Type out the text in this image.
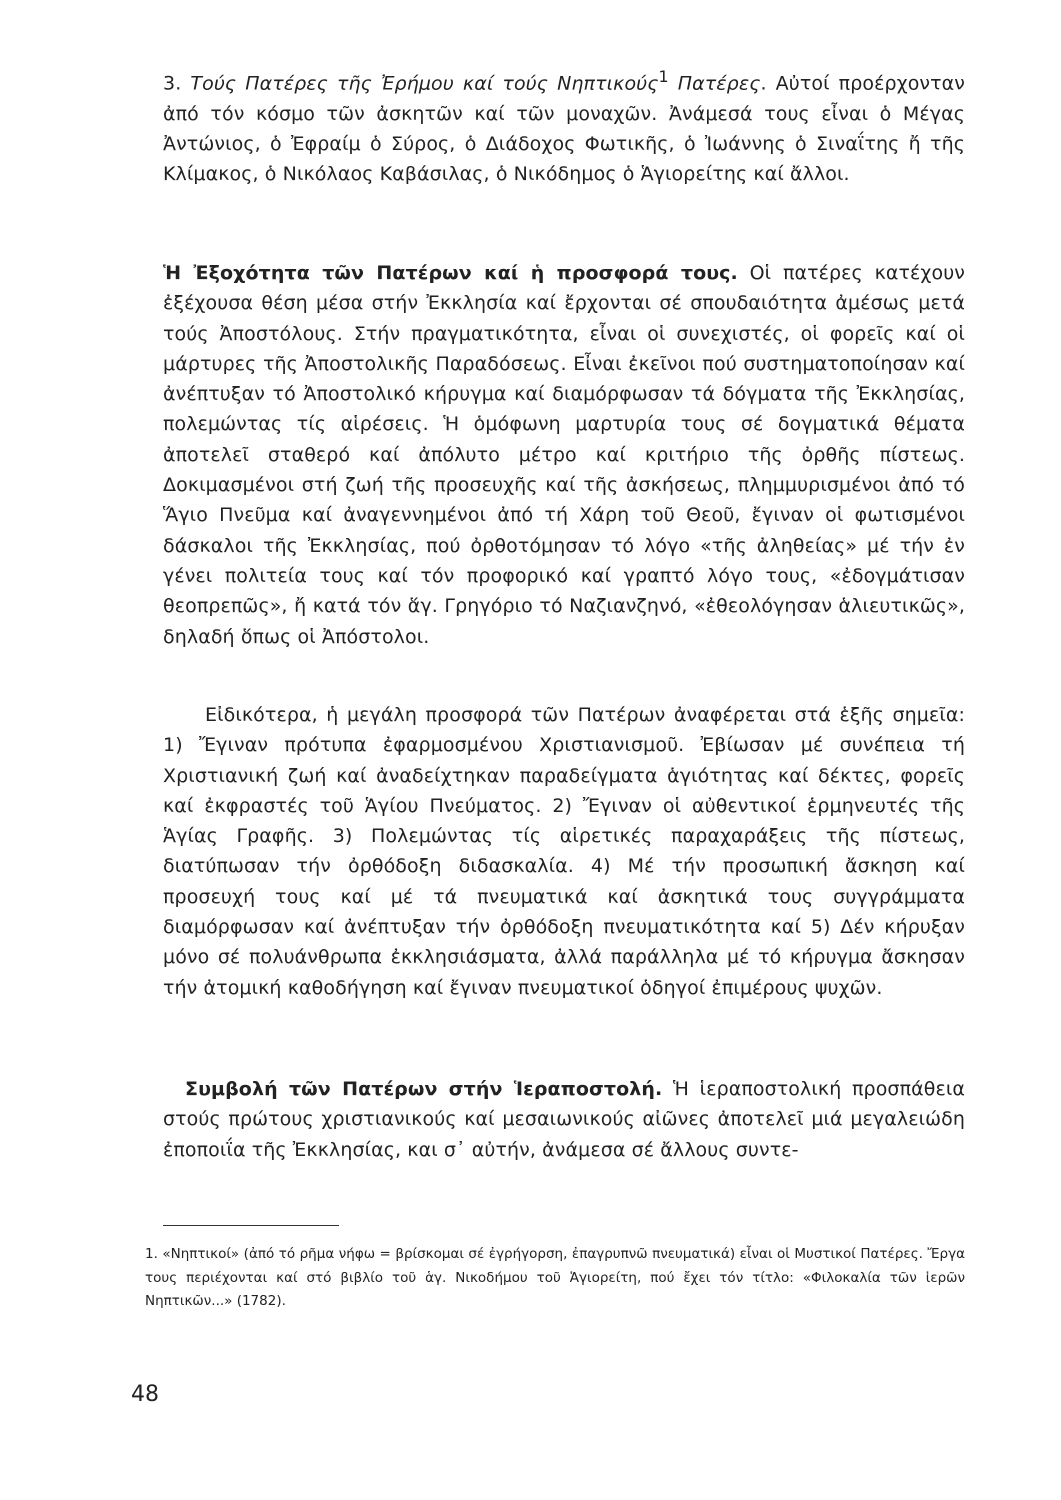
3. Τούς Πατέρες τῆς Ἐρήμου καί τούς Νηπτικούς$^1$ Πατέρες. Αὐτοί προέρχονταν ἀπό τόν κόσμο τῶν ἀσκητῶν καί τῶν μοναχῶν. Ἀνάμεσά τους εἶναι ὁ Μέγας Ἀντώνιος, ὁ Ἐφραίμ ὁ Σύρος, ὁ Διάδοχος Φωτικῆς, ὁ Ἰωάννης ὁ Σιναΐτης ἤ τῆς Κλίμακος, ὁ Νικόλαος Καβάσιλας, ὁ Νικόδημος ὁ Ἁγιορείτης καί ἄλλοι.

Ἡ Ἐξοχότητα τῶν Πατέρων καί ἡ προσφορά τους. Οἱ πατέρες κατέχουν ἐξέχουσα θέση μέσα στήν Ἐκκλησία καί ἔρχονται σέ σπουδαιότητα ἀμέσως μετά τούς Ἀποστόλους. Στήν πραγματικότητα, εἶναι οἱ συνεχιστές, οἱ φορεῖς καί οἱ μάρτυρες τῆς Ἀποστολικῆς Παραδόσεως. Εἶναι ἐκεῖνοι πού συστηματοποίησαν καί ἀνέπτυξαν τό Ἀποστολικό κήρυγμα καί διαμόρφωσαν τά δόγματα τῆς Ἐκκλησίας, πολεμώντας τίς αἱρέσεις. Ἡ ὁμόφωνη μαρτυρία τους σέ δογματικά θέματα ἀποτελεῖ σταθερό καί ἀπόλυτο μέτρο καί κριτήριο τῆς ὀρθῆς πίστεως. Δοκιμασμένοι στή ζωή τῆς προσευχῆς καί τῆς ἀσκήσεως, πλημμυρισμένοι ἀπό τό Ἅγιο Πνεῦμα καί ἀναγεννημένοι ἀπό τή Χάρη τοῦ Θεοῦ, ἔγιναν οἱ φωτισμένοι δάσκαλοι τῆς Ἐκκλησίας, πού ὀρθοτόμησαν τό λόγο «τῆς ἀληθείας» μέ τήν ἐν γένει πολιτεία τους καί τόν προφορικό καί γραπτό λόγο τους, «ἐδογμάτισαν θεοπρεπῶς», ἤ κατά τόν ἅγ. Γρηγόριο τό Ναζιανζηνό, «ἐθεολόγησαν ἁλιευτικῶς», δηλαδή ὅπως οἱ Ἀπόστολοι.

Εἰδικότερα, ἡ μεγάλη προσφορά τῶν Πατέρων ἀναφέρεται στά ἑξῆς σημεῖα: 1) Ἔγιναν πρότυπα ἐφαρμοσμένου Χριστιανισμοῦ. Ἐβίωσαν μέ συνέπεια τή Χριστιανική ζωή καί ἀναδείχτηκαν παραδείγματα ἁγιότητας καί δέκτες, φορεῖς καί ἐκφραστές τοῦ Ἁγίου Πνεύματος. 2) Ἔγιναν οἱ αὐθεντικοί ἑρμηνευτές τῆς Ἁγίας Γραφῆς. 3) Πολεμώντας τίς αἱρετικές παραχαράξεις τῆς πίστεως, διατύπωσαν τήν ὀρθόδοξη διδασκαλία. 4) Μέ τήν προσωπική ἄσκηση καί προσευχή τους καί μέ τά πνευματικά καί ἀσκητικά τους συγγράμματα διαμόρφωσαν καί ἀνέπτυξαν τήν ὀρθόδοξη πνευματικότητα καί 5) Δέν κήρυξαν μόνο σέ πολυάνθρωπα ἐκκλησιάσματα, ἀλλά παράλληλα μέ τό κήρυγμα ἄσκησαν τήν ἀτομική καθοδήγηση καί ἔγιναν πνευματικοί ὁδηγοί ἐπιμέρους ψυχῶν.

Συμβολή τῶν Πατέρων στήν Ἱεραποστολή. Ἡ ἱεραποστολική προσπάθεια στούς πρώτους χριστιανικούς καί μεσαιωνικούς αἰῶνες ἀποτελεῖ μιά μεγαλειώδη ἐποποιΐα τῆς Ἐκκλησίας, και σ᾿ αὐτήν, ἀνάμεσα σέ ἄλλους συντε-

1. «Νηπτικοί» (ἀπό τό ρῆμα νήφω = βρίσκομαι σέ ἐγρήγορση, ἐπαγρυπνῶ πνευματικά) εἶναι οἱ Μυστικοί Πατέρες. Ἔργα τους περιέχονται καί στό βιβλίο τοῦ ἁγ. Νικοδήμου τοῦ Ἁγιορείτη, πού ἔχει τόν τίτλο: «Φιλοκαλία τῶν ἱερῶν Νηπτικῶν...» (1782).

48
